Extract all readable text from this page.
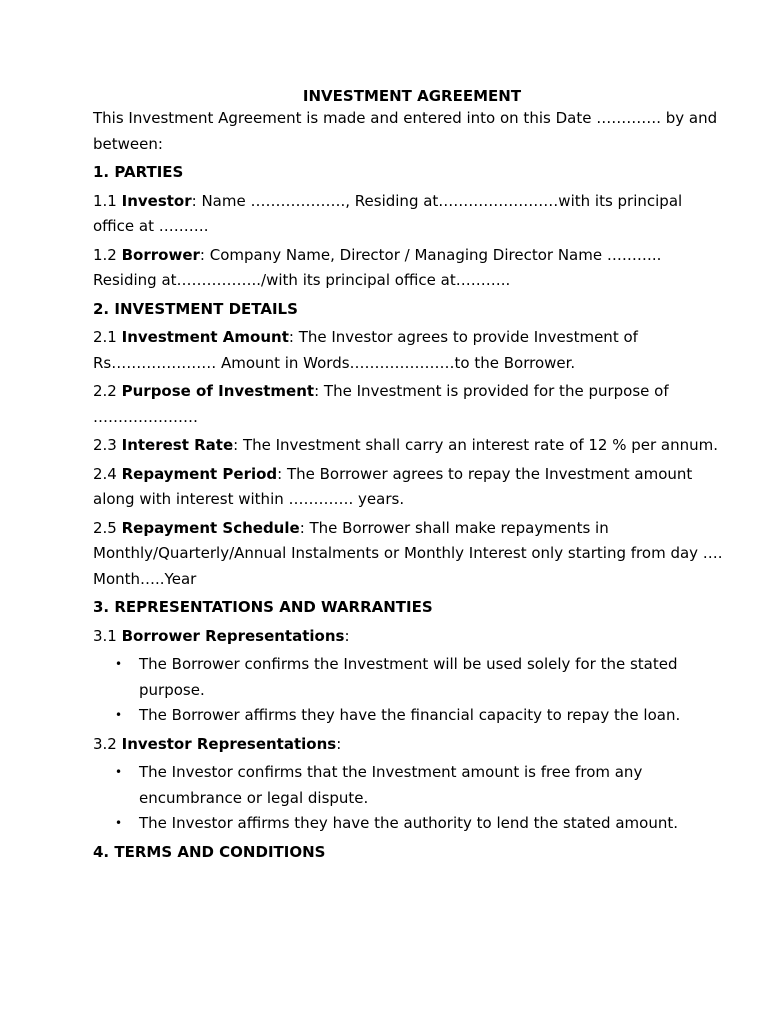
INVESTMENT AGREEMENT

This Investment Agreement is made and entered into on this Date …………. by and between:

1. PARTIES

1.1 Investor: Name ………………., Residing at……………………with its principal office at ……….

1.2 Borrower: Company Name, Director / Managing Director Name ………..
Residing at……………../with its principal office at………..

2. INVESTMENT DETAILS

2.1 Investment Amount: The Investor agrees to provide Investment of Rs………………… Amount in Words…………………to the Borrower.

2.2 Purpose of Investment: The Investment is provided for the purpose of …………………

2.3 Interest Rate: The Investment shall carry an interest rate of 12 % per annum.

2.4 Repayment Period: The Borrower agrees to repay the Investment amount along with interest within …………. years.

2.5 Repayment Schedule: The Borrower shall make repayments in Monthly/Quarterly/Annual Instalments or Monthly Interest only starting from day …. Month…..Year

3. REPRESENTATIONS AND WARRANTIES

3.1 Borrower Representations:

• The Borrower confirms the Investment will be used solely for the stated purpose.
• The Borrower affirms they have the financial capacity to repay the loan.

3.2 Investor Representations:

• The Investor confirms that the Investment amount is free from any encumbrance or legal dispute.
• The Investor affirms they have the authority to lend the stated amount.

4. TERMS AND CONDITIONS
